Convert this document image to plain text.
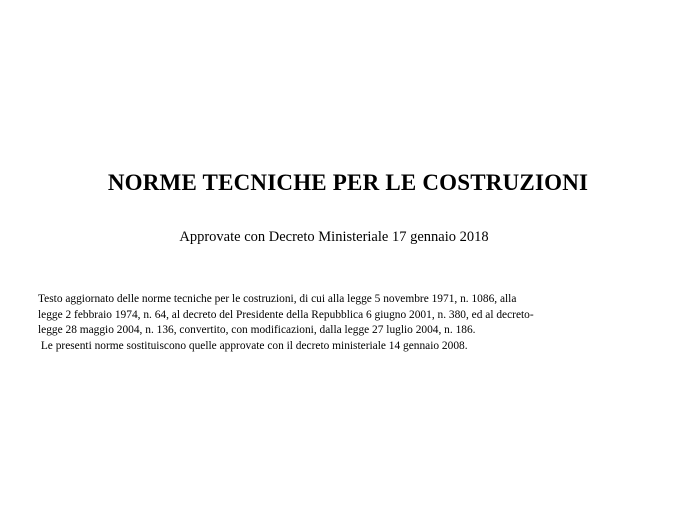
NORME TECNICHE PER LE COSTRUZIONI

Approvate con Decreto Ministeriale 17 gennaio 2018

Testo aggiornato delle norme tecniche per le costruzioni, di cui alla legge 5 novembre 1971, n. 1086, alla
legge 2 febbraio 1974, n. 64, al decreto del Presidente della Repubblica 6 giugno 2001, n. 380, ed al decreto-
legge 28 maggio 2004, n. 136, convertito, con modificazioni, dalla legge 27 luglio 2004, n. 186.
Le presenti norme sostituiscono quelle approvate con il decreto ministeriale 14 gennaio 2008.
